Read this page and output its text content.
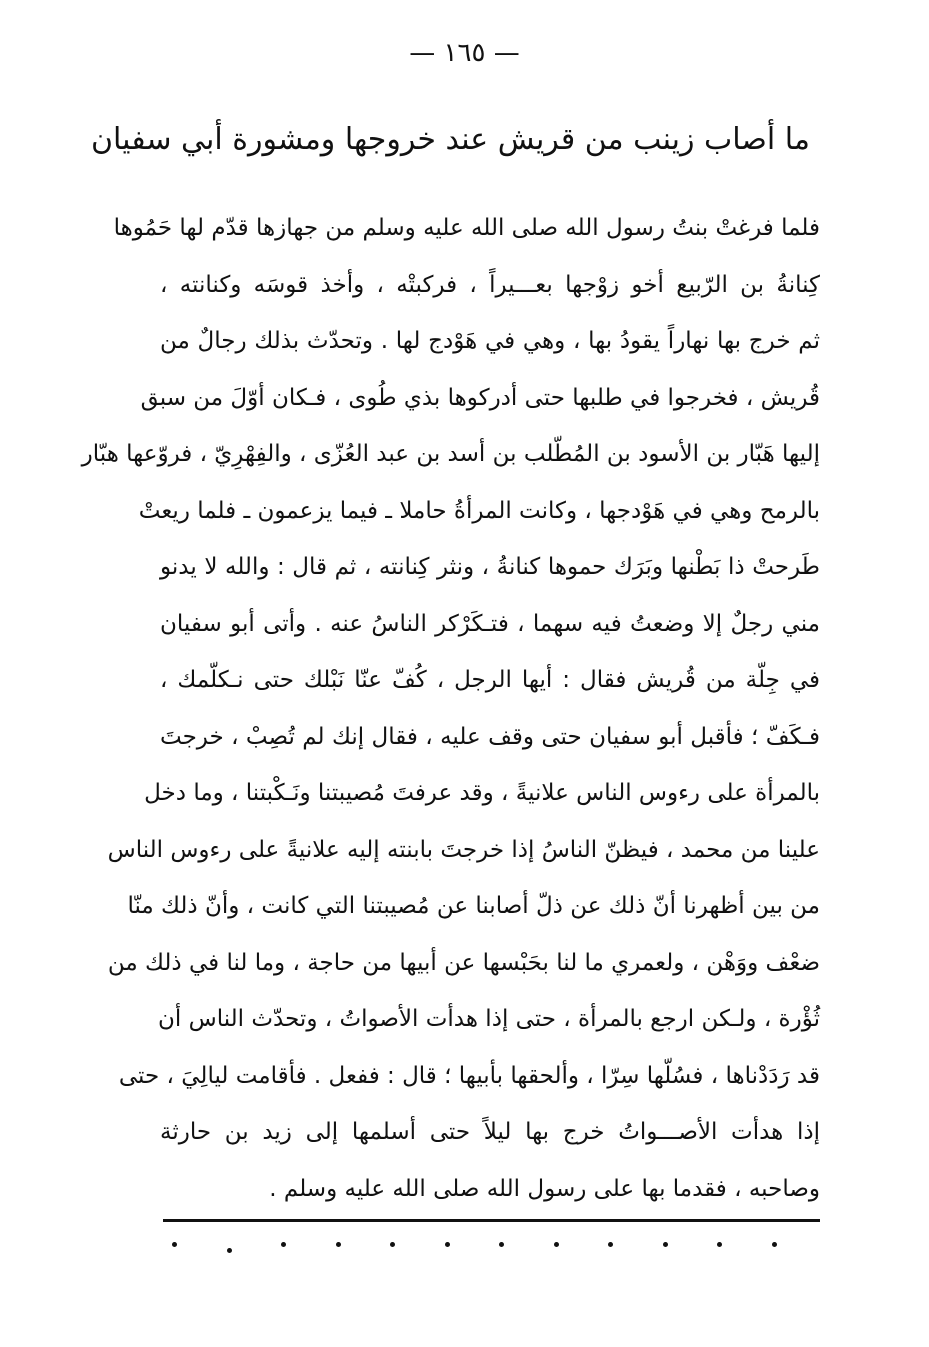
— ١٦٥ —
ما أصاب زينب من قريش عند خروجها ومشورة أبي سفيان
فلما فرغتْ بنتُ رسول الله صلى الله عليه وسلم من جهازها قدّم لها حَمُوها
كِنانةُ بن الرّبيع أخو زوْجها بعـــيراً ، فركبتْه ، وأخذ قوسَه وكنانته ،
ثم خرج بها نهاراً يقودُ بها ، وهي في هَوْدج لها . وتحدّث بذلك رجالٌ من
قُريش ، فخرجوا في طلبها حتى أدركوها بذي طُوى ، فـكان أوّلَ من سبق
إليها هَبّار بن الأسود بن المُطّلب بن أسد بن عبد العُزّى ، والفِهْرِيّ ، فروّعها هبّار
بالرمح وهي في هَوْدجها ، وكانت المرأةُ حاملا ـ فيما يزعمون ـ فلما ريعتْ
طَرحتْ ذا بَطْنها وبَرَك حموها كنانةُ ، ونثر كِنانته ، ثم قال : والله لا يدنو
مني رجلٌ إلا وضعتُ فيه سهما ، فتـكَرْكر الناسُ عنه . وأتى أبو سفيان
في جِلّة من قُريش فقال : أيها الرجل ، كُفّ عنّا نَبْلك حتى نـكلّمك ،
فـكَفّ ؛ فأقبل أبو سفيان حتى وقف عليه ، فقال إنك لم تُصِبْ ، خرجتَ
بالمرأة على رءوس الناس علانيةً ، وقد عرفتَ مُصيبتنا ونَـكْبتنا ، وما دخل
علينا من محمد ، فيظنّ الناسُ إذا خرجتَ بابنته إليه علانيةً على رءوس الناس
من بين أظهرنا أنّ ذلك عن ذلّ أصابنا عن مُصيبتنا التي كانت ، وأنّ ذلك منّا
ضعْف ووَهْن ، ولعمري ما لنا بحَبْسها عن أبيها من حاجة ، وما لنا في ذلك من
ثُؤْرة ، ولـكن ارجع بالمرأة ، حتى إذا هدأت الأصواتُ ، وتحدّث الناس أن
قد رَدَدْناها ، فسُلّها سِرّا ، وألحقها بأبيها ؛ قال : ففعل . فأقامت ليالِيَ ، حتى
إذا هدأت الأصـــواتُ خرج بها ليلاً حتى أسلمها إلى زيد بن حارثة
وصاحبه ، فقدما بها على رسول الله صلى الله عليه وسلم .
